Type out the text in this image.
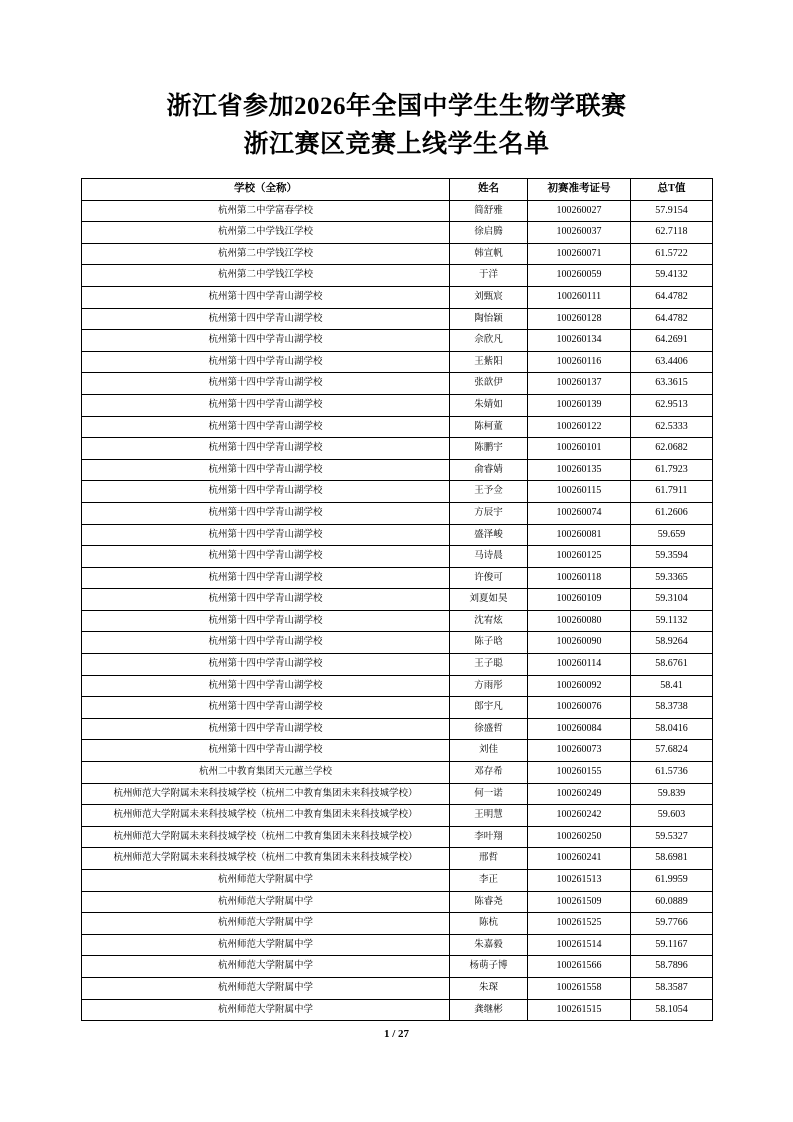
浙江省参加2026年全国中学生生物学联赛
浙江赛区竞赛上线学生名单
学校（全称）	姓名	初赛准考证号	总T值
杭州第二中学富春学校	简舒雅	100260027	57.9154
杭州第二中学钱江学校	徐启腾	100260037	62.7118
杭州第二中学钱江学校	韩宣帆	100260071	61.5722
杭州第二中学钱江学校	于洋	100260059	59.4132
杭州第十四中学青山湖学校	刘甄宸	100260111	64.4782
杭州第十四中学青山湖学校	陶怡颖	100260128	64.4782
杭州第十四中学青山湖学校	佘欣凡	100260134	64.2691
杭州第十四中学青山湖学校	王紫阳	100260116	63.4406
杭州第十四中学青山湖学校	张歆伊	100260137	63.3615
杭州第十四中学青山湖学校	朱婧如	100260139	62.9513
杭州第十四中学青山湖学校	陈柯董	100260122	62.5333
杭州第十四中学青山湖学校	陈鹏宇	100260101	62.0682
杭州第十四中学青山湖学校	俞睿婧	100260135	61.7923
杭州第十四中学青山湖学校	王予佥	100260115	61.7911
杭州第十四中学青山湖学校	方辰宇	100260074	61.2606
杭州第十四中学青山湖学校	盛泽峻	100260081	59.659
杭州第十四中学青山湖学校	马诗晨	100260125	59.3594
杭州第十四中学青山湖学校	许俊可	100260118	59.3365
杭州第十四中学青山湖学校	刘夏如昊	100260109	59.3104
杭州第十四中学青山湖学校	沈宥炫	100260080	59.1132
杭州第十四中学青山湖学校	陈子晗	100260090	58.9264
杭州第十四中学青山湖学校	王子聪	100260114	58.6761
杭州第十四中学青山湖学校	方雨彤	100260092	58.41
杭州第十四中学青山湖学校	郎宇凡	100260076	58.3738
杭州第十四中学青山湖学校	徐盛哲	100260084	58.0416
杭州第十四中学青山湖学校	刘佳	100260073	57.6824
杭州二中教育集团天元蕙兰学校	邓存希	100260155	61.5736
杭州师范大学附属未来科技城学校（杭州二中教育集团未来科技城学校）	何一诺	100260249	59.839
杭州师范大学附属未来科技城学校（杭州二中教育集团未来科技城学校）	王明慧	100260242	59.603
杭州师范大学附属未来科技城学校（杭州二中教育集团未来科技城学校）	李叶翔	100260250	59.5327
杭州师范大学附属未来科技城学校（杭州二中教育集团未来科技城学校）	邢哲	100260241	58.6981
杭州师范大学附属中学	李正	100261513	61.9959
杭州师范大学附属中学	陈睿尧	100261509	60.0889
杭州师范大学附属中学	陈杭	100261525	59.7766
杭州师范大学附属中学	朱嘉毅	100261514	59.1167
杭州师范大学附属中学	杨萌子博	100261566	58.7896
杭州师范大学附属中学	朱琛	100261558	58.3587
杭州师范大学附属中学	龚继彬	100261515	58.1054
1 / 27
